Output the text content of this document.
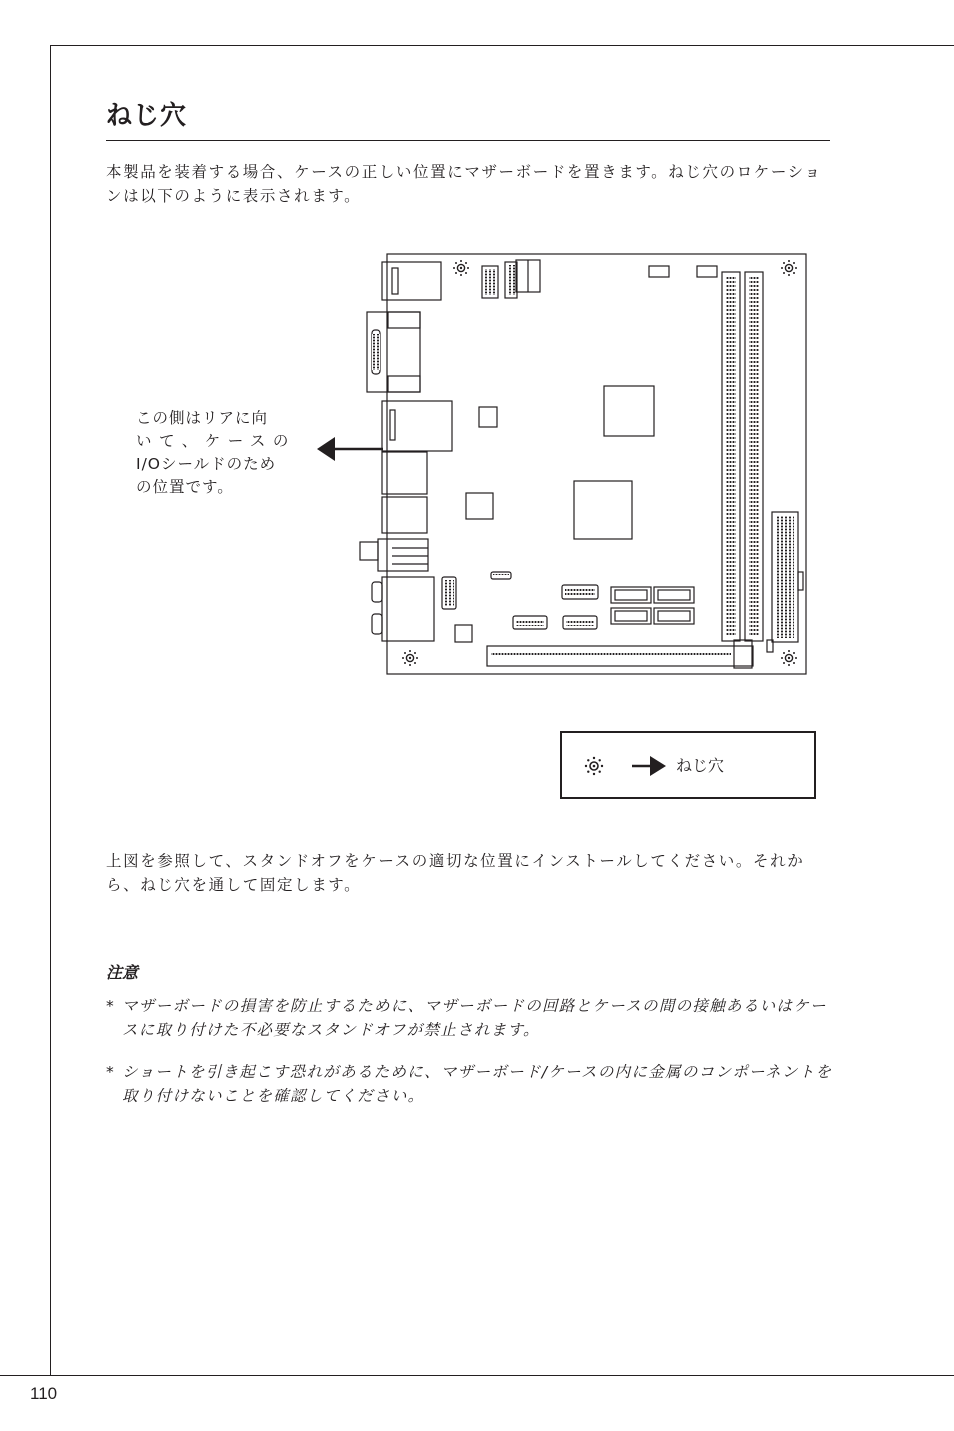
ねじ穴
本製品を装着する場合、ケースの正しい位置にマザーボードを置きます。ねじ穴のロケーションは以下のように表示されます。
この側はリアに向
いて、ケースの
I/Oシールドのため
の位置です。
ねじ穴
上図を参照して、スタンドオフをケースの適切な位置にインストールしてください。それから、ねじ穴を通して固定します。
注意
* マザーボードの損害を防止するために、マザーボードの回路とケースの間の接触あるいはケースに取り付けた不必要なスタンドオフが禁止されます。
* ショートを引き起こす恐れがあるために、マザーボード/ケースの内に金属のコンポーネントを取り付けないことを確認してください。
110
